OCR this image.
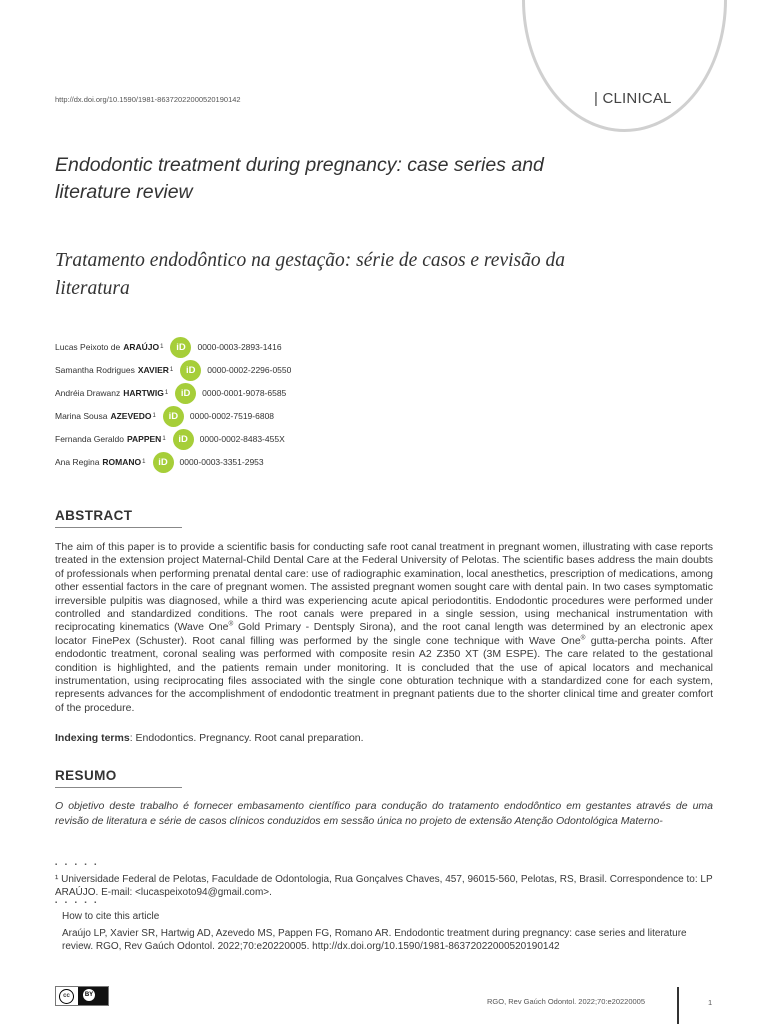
http://dx.doi.org/10.1590/1981-86372022000520190142	| CLINICAL
Endodontic treatment during pregnancy: case series and literature review
Tratamento endodôntico na gestação: série de casos e revisão da literatura
Lucas Peixoto de ARAÚJO 1	iD	0000-0003-2893-1416
Samantha Rodrigues XAVIER 1	iD	0000-0002-2296-0550
Andréia Drawanz HARTWIG 1	iD	0000-0001-9078-6585
Marina Sousa AZEVEDO 1	iD	0000-0002-7519-6808
Fernanda Geraldo PAPPEN 1	iD	0000-0002-8483-455X
Ana Regina ROMANO 1	iD	0000-0003-3351-2953
ABSTRACT
The aim of this paper is to provide a scientific basis for conducting safe root canal treatment in pregnant women, illustrating with case reports treated in the extension project Maternal-Child Dental Care at the Federal University of Pelotas. The scientific bases address the main doubts of professionals when performing prenatal dental care: use of radiographic examination, local anesthetics, prescription of medications, among other essential factors in the care of pregnant women. The assisted pregnant women sought care with dental pain. In two cases symptomatic irreversible pulpitis was diagnosed, while a third was experiencing acute apical periodontitis. Endodontic procedures were performed under controlled and standardized conditions. The root canals were prepared in a single session, using mechanical instrumentation with reciprocating kinematics (Wave One® Gold Primary - Dentsply Sirona), and the root canal length was determined by an electronic apex locator FinePex (Schuster). Root canal filling was performed by the single cone technique with Wave One® gutta-percha points. After endodontic treatment, coronal sealing was performed with composite resin A2 Z350 XT (3M ESPE). The care related to the gestational condition is highlighted, and the patients remain under monitoring. It is concluded that the use of apical locators and mechanical instrumentation, using reciprocating files associated with the single cone obturation technique with a standardized cone for each system, represents advances for the accomplishment of endodontic treatment in pregnant patients due to the shorter clinical time and greater comfort of the procedure.
Indexing terms: Endodontics. Pregnancy. Root canal preparation.
RESUMO
O objetivo deste trabalho é fornecer embasamento científico para condução do tratamento endodôntico em gestantes através de uma revisão de literatura e série de casos clínicos conduzidos em sessão única no projeto de extensão Atenção Odontológica Materno-
▪ ▪ ▪ ▪ ▪
¹ Universidade Federal de Pelotas, Faculdade de Odontologia, Rua Gonçalves Chaves, 457, 96015-560, Pelotas, RS, Brasil. Correspondence to: LP ARAÚJO. E-mail: <lucaspeixoto94@gmail.com>.
▪ ▪ ▪ ▪ ▪
How to cite this article
Araújo LP, Xavier SR, Hartwig AD, Azevedo MS, Pappen FG, Romano AR. Endodontic treatment during pregnancy: case series and literature review. RGO, Rev Gaúch Odontol. 2022;70:e20220005. http://dx.doi.org/10.1590/1981-86372022000520190142
cc	BY
RGO, Rev Gaúch Odontol. 2022;70:e20220005	1
